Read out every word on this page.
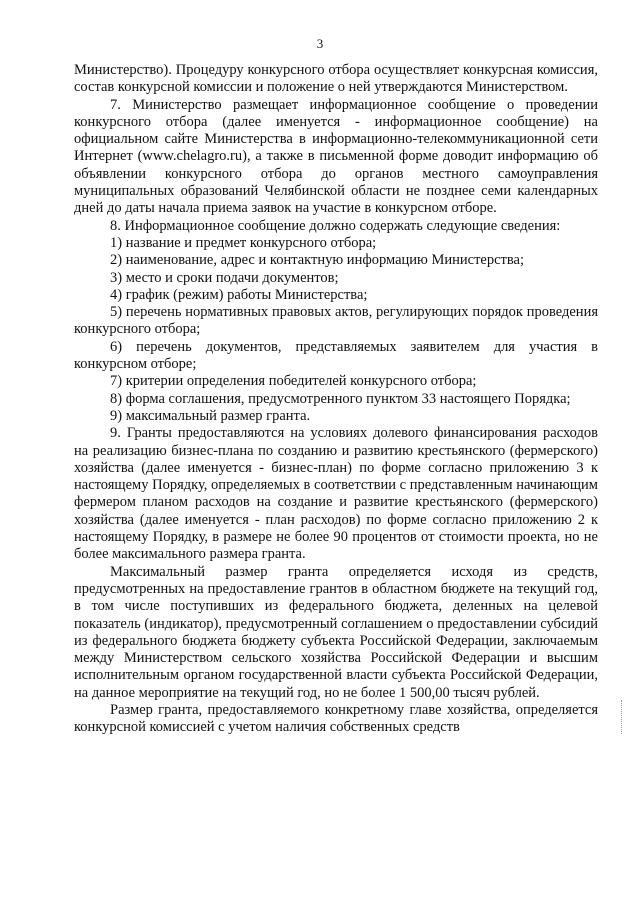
3

Министерство). Процедуру конкурсного отбора осуществляет конкурсная комиссия, состав конкурсной комиссии и положение о ней утверждаются Министерством.

7. Министерство размещает информационное сообщение о проведении конкурсного отбора (далее именуется - информационное сообщение) на официальном сайте Министерства в информационно-телекоммуникационной сети Интернет (www.chelagro.ru), а также в письменной форме доводит информацию об объявлении конкурсного отбора до органов местного самоуправления муниципальных образований Челябинской области не позднее семи календарных дней до даты начала приема заявок на участие в конкурсном отборе.

8. Информационное сообщение должно содержать следующие сведения:

1) название и предмет конкурсного отбора;

2) наименование, адрес и контактную информацию Министерства;

3) место и сроки подачи документов;

4) график (режим) работы Министерства;

5) перечень нормативных правовых актов, регулирующих порядок проведения конкурсного отбора;

6) перечень документов, представляемых заявителем для участия в конкурсном отборе;

7) критерии определения победителей конкурсного отбора;

8) форма соглашения, предусмотренного пунктом 33 настоящего Порядка;

9) максимальный размер гранта.

9. Гранты предоставляются на условиях долевого финансирования расходов на реализацию бизнес-плана по созданию и развитию крестьянского (фермерского) хозяйства (далее именуется - бизнес-план) по форме согласно приложению 3 к настоящему Порядку, определяемых в соответствии с представленным начинающим фермером планом расходов на создание и развитие крестьянского (фермерского) хозяйства (далее именуется - план расходов) по форме согласно приложению 2 к настоящему Порядку, в размере не более 90 процентов от стоимости проекта, но не более максимального размера гранта.

Максимальный размер гранта определяется исходя из средств, предусмотренных на предоставление грантов в областном бюджете на текущий год, в том числе поступивших из федерального бюджета, деленных на целевой показатель (индикатор), предусмотренный соглашением о предоставлении субсидий из федерального бюджета бюджету субъекта Российской Федерации, заключаемым между Министерством сельского хозяйства Российской Федерации и высшим исполнительным органом государственной власти субъекта Российской Федерации, на данное мероприятие на текущий год, но не более 1 500,00 тысяч рублей.

Размер гранта, предоставляемого конкретному главе хозяйства, определяется конкурсной комиссией с учетом наличия собственных средств
